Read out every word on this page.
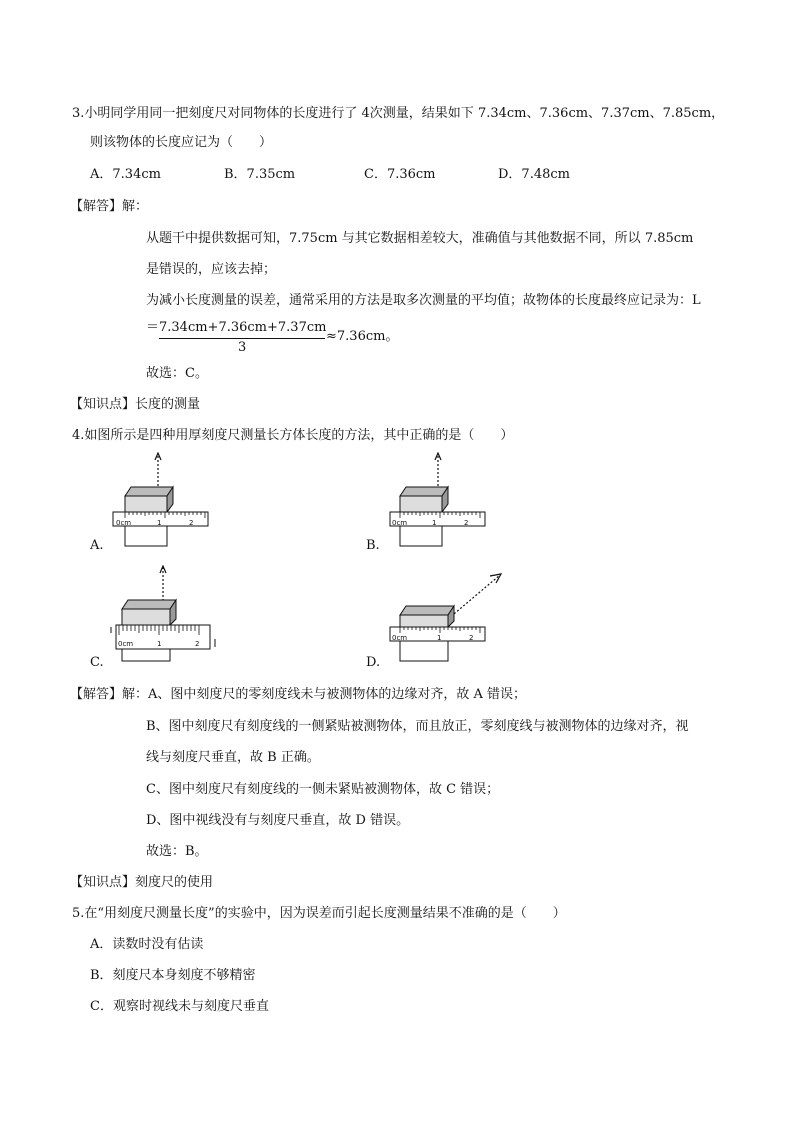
3.小明同学用同一把刻度尺对同物体的长度进行了 4次测量，结果如下 7.34cm、7.36cm、7.37cm、7.85cm，
则该物体的长度应记为（　　）
A．7.34cm	B．7.35cm	C．7.36cm	D．7.48cm
【解答】解：
从题干中提供数据可知，7.75cm 与其它数据相差较大，准确值与其他数据不同，所以 7.85cm
是错误的，应该去掉；
为减小长度测量的误差，通常采用的方法是取多次测量的平均值；故物体的长度最终应记录为：L
＝ 7.34cm+7.36cm+7.37cm
3
≈7.36cm。
故选：C。
【知识点】长度的测量
4.如图所示是四种用厚刻度尺测量长方体长度的方法，其中正确的是（　　）
0cm	1	2
A.
0cm	1	2
B.
0cm	1	2
C.
0cm	1	2
D.
【解答】解：A、图中刻度尺的零刻度线未与被测物体的边缘对齐，故 A 错误；
B、图中刻度尺有刻度线的一侧紧贴被测物体，而且放正，零刻度线与被测物体的边缘对齐，视
线与刻度尺垂直，故 B 正确。
C、图中刻度尺有刻度线的一侧未紧贴被测物体，故 C 错误；
D、图中视线没有与刻度尺垂直，故 D 错误。
故选：B。
【知识点】刻度尺的使用
5.在“用刻度尺测量长度”的实验中，因为误差而引起长度测量结果不准确的是（　　）
A．读数时没有估读
B．刻度尺本身刻度不够精密
C．观察时视线未与刻度尺垂直
